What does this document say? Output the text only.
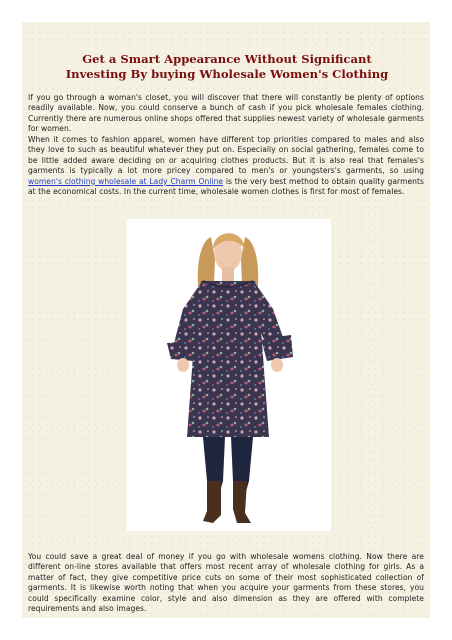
Get a Smart Appearance Without Significant Investing By buying Wholesale Women's Clothing

If you go through a woman's closet, you will discover that there will constantly be plenty of options readily available. Now, you could conserve a bunch of cash if you pick wholesale females clothing. Currently there are numerous online shops offered that supplies newest variety of wholesale garments for women.

When it comes to fashion apparel, women have different top priorities compared to males and also they love to such as beautiful whatever they put on. Especially on social gathering, females come to be little added aware deciding on or acquiring clothes products. But it is also real that females's garments is typically a lot more pricey compared to men's or youngsters's garments, so using women's clothing wholesale at Lady Charm Online is the very best method to obtain quality garments at the economical costs. In the current time, wholesale women clothes is first for most of females.

You could save a great deal of money if you go with wholesale womens clothing. Now there are different on-line stores available that offers most recent array of wholesale clothing for girls. As a matter of fact, they give competitive price cuts on some of their most sophisticated collection of garments. It is likewise worth noting that when you acquire your garments from these stores, you could specifically examine color, style and also dimension as they are offered with complete requirements and also images.
